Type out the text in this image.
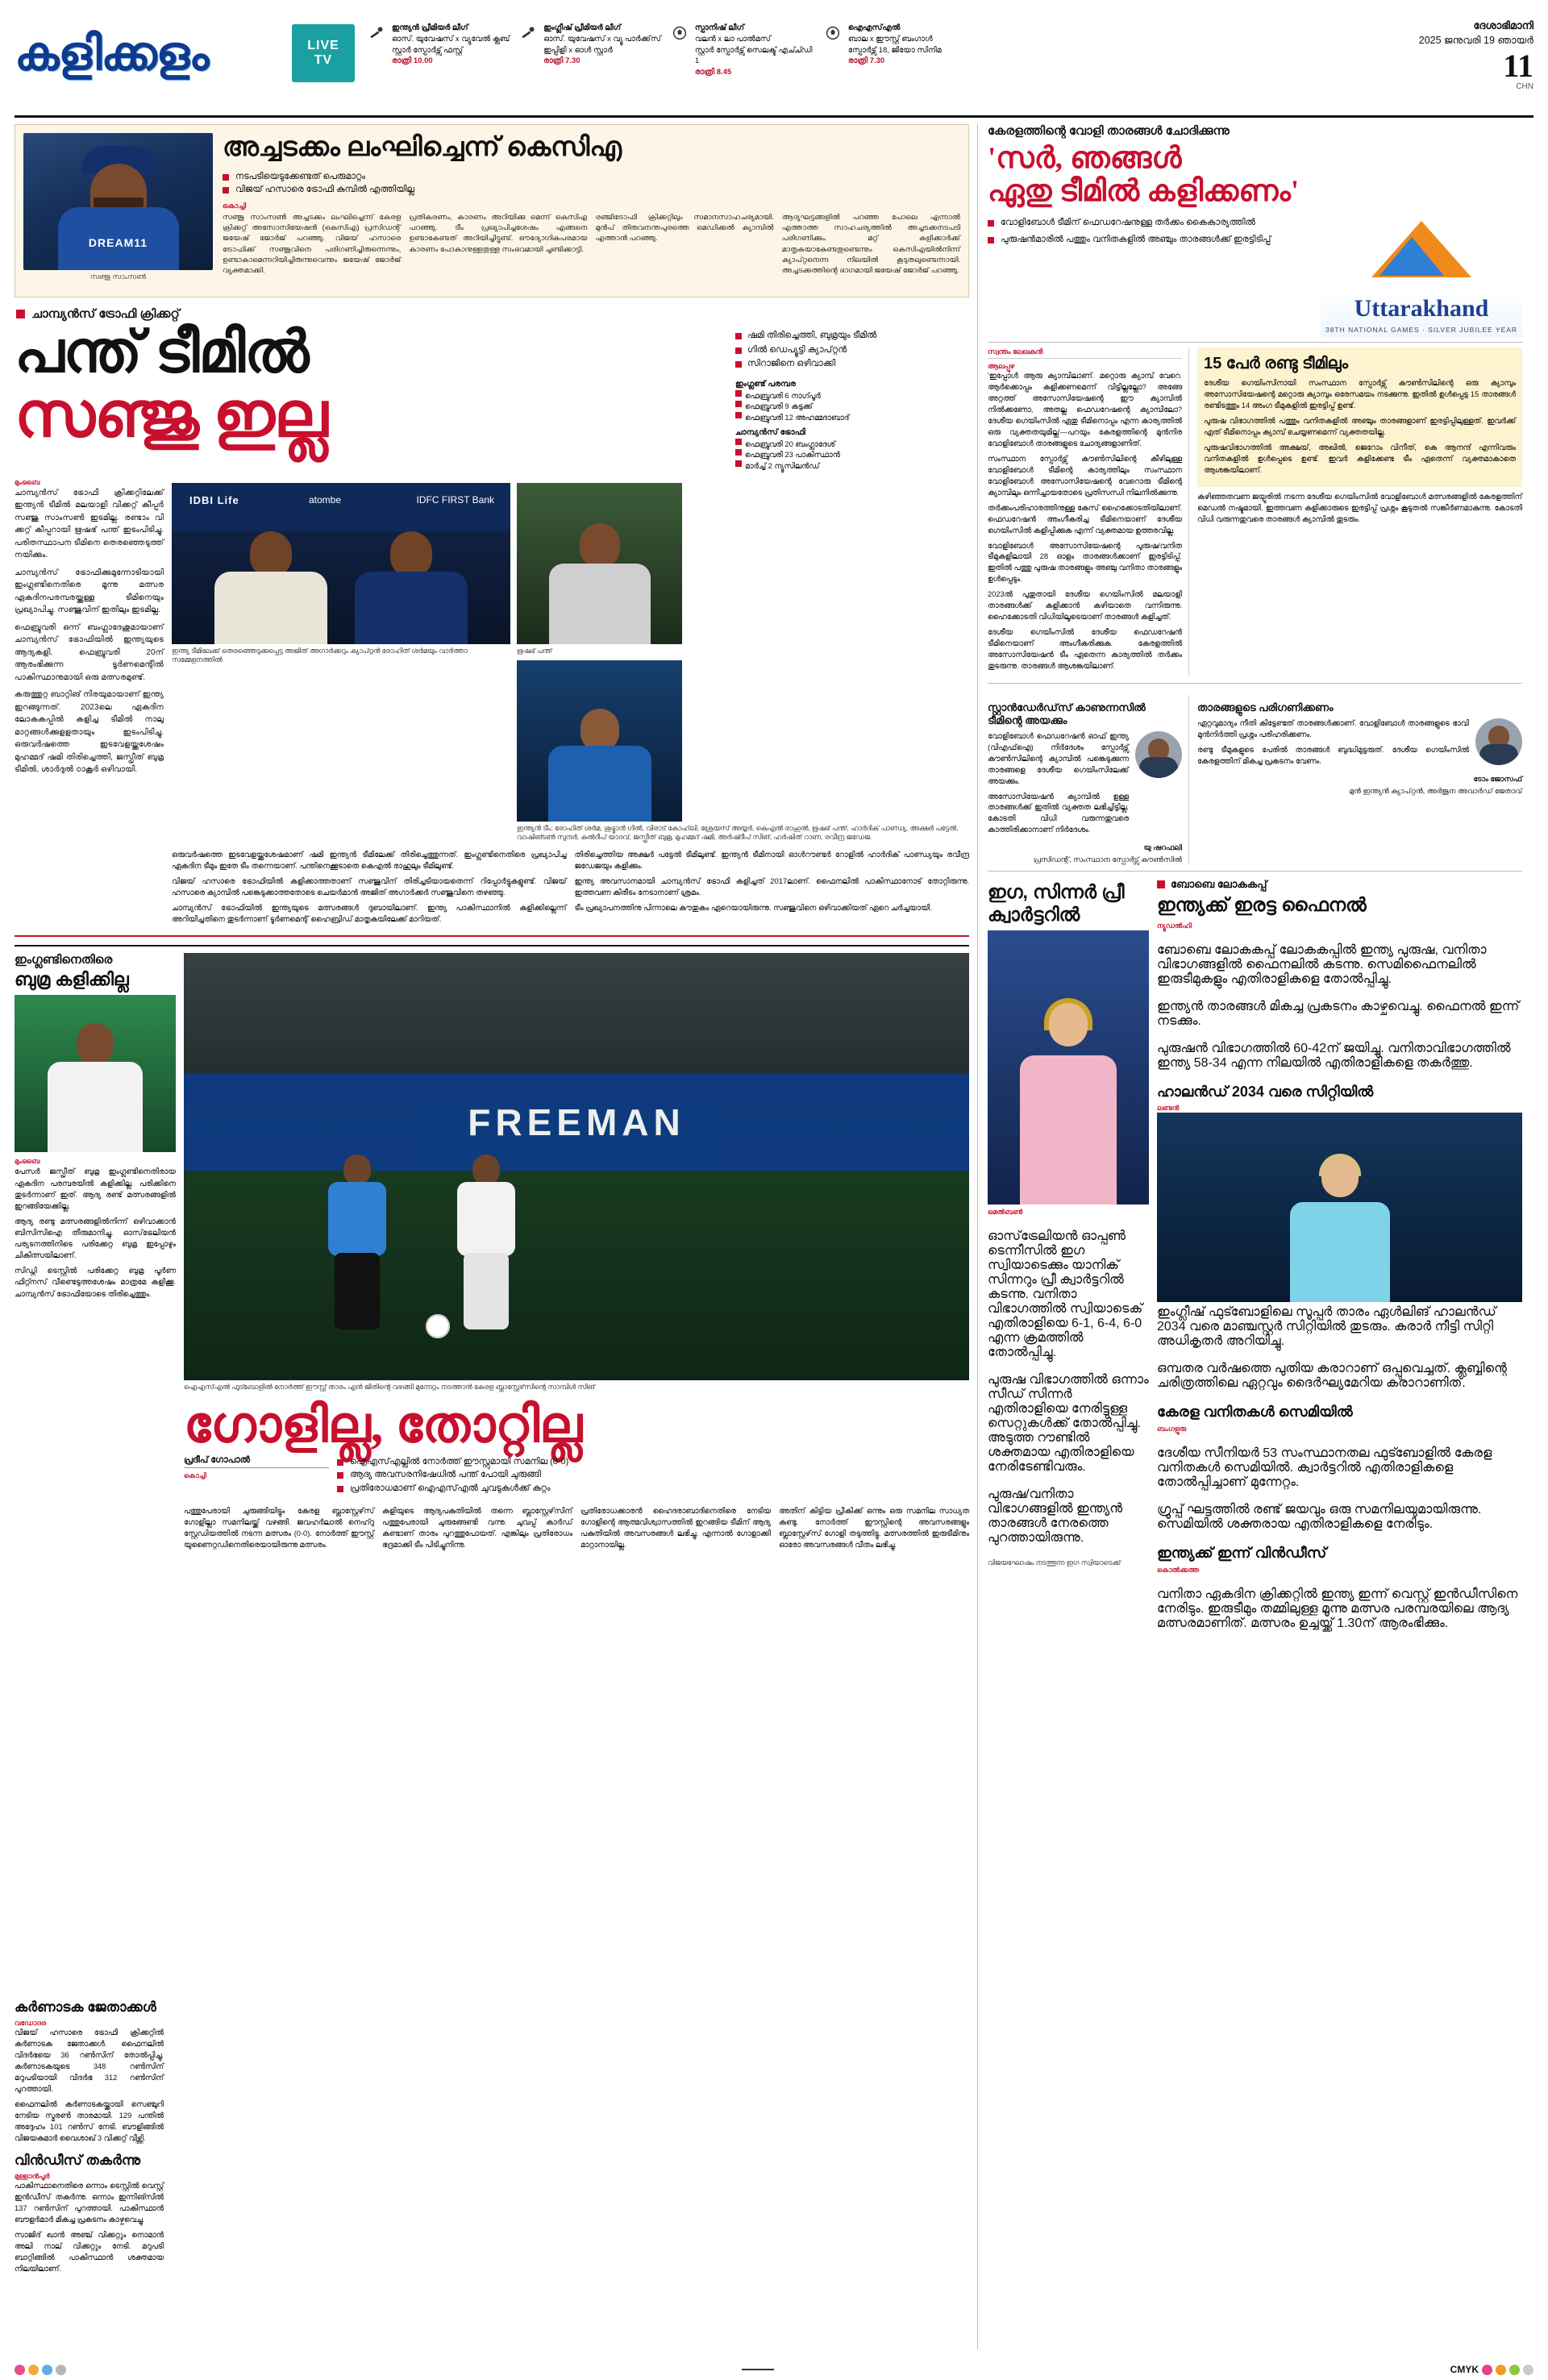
കളിക്കളം	LIVE
TV
ഇന്ത്യൻ പ്രീമിയർ ലീഗ്
ഓസ്. യുവേഷസ് x വ്യുവേൽ ക്ലബ്
സ്റ്റാർ സ്പോർട്സ് ഫസ്റ്റ്
രാത്രി 10.00
ഇംഗ്ലീഷ് പ്രീമിയർ ലീഗ്
ഓസ്. യുവേഷസ് x വ്യൂ പാർക്ക്‌സ്
ഇപ്പിളി x ഓൾ സ്റ്റാർ
രാത്രി 7.30
സ്പാനിഷ് ലീഗ്
വലൻ x ലാ പാൽമസ്
സ്റ്റാർ സ്പോർട്സ് സെലക്ട് എച്ച്ഡി 1
രാത്രി 8.45
ഐഎസ്എൽ
ബാല x ഈസ്റ്റ് ബംഗാൾ
സ്പോർട്സ് 18, ജിയോ സിനിമ
രാത്രി 7.30
ദേശാഭിമാനി
2025 ജനുവരി 19 ഞായർ
11
CHN
DREAM11
സഞ്ജു സാംസൺ
അച്ചടക്കം ലംഘിച്ചെന്ന് കെസിഎ
നടപടിയെടുക്കേണ്ടത് പെരുമാറ്റം
വിജയ് ഹസാരെ ട്രോഫി കുമ്പിൽ എത്തിയില്ല
കൊച്ചി

സഞ്ജു സാംസൺ അച്ചടക്കം ലംഘിച്ചെന്ന് കേരള ക്രിക്കറ്റ് അസോസിയേഷൻ (കെസിഎ) പ്രസിഡന്റ് ജയേഷ് ജോർജ് പറഞ്ഞു. വിജയ് ഹസാരെ ട്രോഫിക്ക് സഞ്ജുവിനെ പരിഗണിച്ചിരുന്നെന്നും, ഉണ്ടാകാമെന്നറിയിച്ചിരുന്നുവെന്നും ജയേഷ് ജോർജ് വ്യക്തമാക്കി.

പ്രതികരണം, കാരണം അറിയിക്കു മെന്ന് കെസിഎ പറഞ്ഞു. ടീം പ്രഖ്യാപിച്ചശേഷം എങ്ങനെ ഉണ്ടാകേണ്ടത് അറിയിച്ചിട്ടുണ്ട്. ഔദ്യോഗികപരമായ കാരണം പോകാനുള്ളതുള്ള സംഭവമായി ചൂണ്ടിക്കാട്ടി.

രഞ്ജിട്രോഫി ക്രിക്കറ്റിലും സമാനസാഹചര്യമായി. മുൻപ് തിരുവനന്തപുരത്തെ മെഡിക്കൽ ക്യാമ്പിൽ എത്താൻ പറഞ്ഞു.

ആദ്യഘട്ടങ്ങളിൽ പറഞ്ഞ പോലെ എന്നാൽ എത്താത്ത സാഹചര്യത്തിൽ അച്ചടക്കനടപടി പരിഗണിക്കും. മറ്റ് കളിക്കാർക്ക് മാതൃകയാകേണ്ടതുണ്ടെന്നും കെസിഎയിൽനിന്ന് ക്യാപ്റ്റനെന്ന നിലയിൽ കൂടുതലുണ്ടെന്നായി. അച്ചടക്കത്തിന്റെ ഭാഗമായി ജയേഷ് ജോർജ് പറഞ്ഞു.

ചാമ്പ്യൻസ് ട്രോഫി ക്രിക്കറ്റ്
പന്ത് ടീമിൽ
സഞ്ജു ഇല്ല
ഷമി തിരിച്ചെത്തി, ബുമ്രയും ടീമിൽ
ഗിൽ ഡെപ്യൂട്ടി ക്യാപ്റ്റൻ
സിറാജിനെ ഒഴിവാക്കി
ഇംഗ്ലണ്ട് പരമ്പര
● ഫെബ്രുവരി 6 നാഗ്പൂർ
● ഫെബ്രുവരി 9 കട്ടക്ക്
● ഫെബ്രുവരി 12 അഹമ്മദാബാദ്
ചാമ്പ്യൻസ് ട്രോഫി
● ഫെബ്രുവരി 20 ബംഗ്ലാദേശ്
● ഫെബ്രുവരി 23 പാകിസ്ഥാൻ
● മാർച്ച് 2 ന്യൂസിലൻഡ്
മുംബൈ

ചാമ്പ്യൻസ് ട്രോഫി ക്രിക്കറ്റിലേക്ക് ഇന്ത്യൻ ടീമിൽ മലയാളി വിക്കറ്റ് കീപ്പർ സഞ്ജു സാംസൺ ഇടമില്ല. രണ്ടാം വി ക്കറ്റ് കീപ്പറായി ഋഷഭ് പന്ത് ഇടംപിടിച്ചു. പരിതസ്ഥാപന ടീമിനെ തെരഞ്ഞെടുത്ത് നയിക്കും.

ചാമ്പ്യൻസ് ട്രോഫിക്കുമുന്നോടിയായി ഇംഗ്ലണ്ടിനെതിരെ മൂന്നു മത്സര ഏകദിനപരമ്പരയ്ക്കുള്ള ടീമിനെയും പ്രഖ്യാപിച്ചു. സഞ്ജുവിന് ഇതിലും ഇടമില്ല.

ഫെബ്രുവരി ഒന്ന് ബംഗ്ലാദേശുമായാണ് ചാമ്പ്യൻസ് ട്രോഫിയിൽ ഇന്ത്യയുടെ ആദ്യകളി. ഫെബ്രുവരി 20ന് ആരംഭിക്കുന്ന ടൂർണമെന്റിൽ പാകിസ്ഥാനുമായി ഒരു മത്സരമുണ്ട്.

കരുത്തുറ്റ ബാറ്റിങ് നിരയുമായാണ് ഇന്ത്യ ഇറങ്ങുന്നത്. 2023ലെ ഏകദിന ലോകകപ്പിൽ കളിച്ച ടീമിൽ നാലു മാറ്റങ്ങൾക്കുളളതായും ഇടംപിടിച്ചു. ഒരുവർഷത്തെ ഇടവേളയ്ക്കുശേഷം മുഹമ്മദ് ഷമി തിരിച്ചെത്തി, ജസ്പ്രീത് ബുമ്ര ടീമിൽ, ശാർദുൽ ഠാകൂർ ഒഴിവായി.

IDBI Life	atombe	IDFC FIRST Bank
ഇന്ത്യ ടീമിലേക്ക് തെരഞ്ഞെടുക്കപ്പെട്ട അജിത് അഗാർക്കറും ക്യാപ്റ്റൻ രോഹിത് ശർമയും വാർത്താ സമ്മേളനത്തിൽ
ഋഷഭ് പന്ത്
ഇന്ത്യൻ ടീം: രോഹിത് ശർമ, ശുഭ്മാൻ ഗിൽ, വിരാട് കോഹ്‌ലി, ശ്രേയസ് അയ്യർ, കെഎൽ രാഹുൽ, ഋഷഭ് പന്ത്, ഹാർദിക് പാണ്ഡ്യ, അക്ഷർ പട്ടേൽ, വാഷിങ്ടൺ സുന്ദർ, കുൽദീപ് യാദവ്, ജസ്പ്രീത് ബുമ്ര, മുഹമ്മദ് ഷമി, അർഷ്ദീപ് സിങ്, ഹർഷിത് റാണ, രവീന്ദ്ര ജഡേജ.

ഒരുവർഷത്തെ ഇടവേളയ്ക്കുശേഷമാണ് ഷമി ഇന്ത്യൻ ടീമിലേക്ക് തിരിച്ചെത്തുന്നത്. ഇംഗ്ലണ്ടിനെതിരെ പ്രഖ്യാപിച്ച ഏകദിന ടീമും ഇതേ ടീം തന്നെയാണ്. പന്തിനെക്കൂടാതെ കെഎൽ രാഹുലും ടീമിലുണ്ട്.

വിജയ് ഹസാരെ ട്രോഫിയിൽ കളിക്കാത്തതാണ് സഞ്ജുവിന് തിരിച്ചടിയായതെന്ന് റിപ്പോർട്ടുകളുണ്ട്. വിജയ് ഹസാരെ ക്യാമ്പിൽ പങ്കെടുക്കാത്തതോടെ ചെയർമാൻ അജിത് അഗാർക്കർ സഞ്ജുവിനെ തഴഞ്ഞു.

ചാമ്പ്യൻസ് ട്രോഫിയിൽ ഇന്ത്യയുടെ മത്സരങ്ങൾ ദുബായിലാണ്. ഇന്ത്യ പാകിസ്ഥാനിൽ കളിക്കില്ലെന്ന് അറിയിച്ചതിനെ തുടർന്നാണ് ടൂർണമെന്റ് ഹൈബ്രിഡ് മാതൃകയിലേക്ക് മാറിയത്.

തിരിച്ചെത്തിയ അക്ഷർ പട്ടേൽ ടീമിലുണ്ട്. ഇന്ത്യൻ ടീമിനായി ഓൾറൗണ്ടർ റോളിൽ ഹാർദിക് പാണ്ഡ്യയും രവീന്ദ്ര ജഡേജയും കളിക്കും.

ഇന്ത്യ അവസാനമായി ചാമ്പ്യൻസ് ട്രോഫി കളിച്ചത് 2017ലാണ്. ഫൈനലിൽ പാകിസ്ഥാനോട് തോറ്റിരുന്നു. ഇത്തവണ കിരീടം നേടാനാണ് ശ്രമം.

ടീം പ്രഖ്യാപനത്തിനു പിന്നാലെ കൗതുകം ഏറെയായിരുന്നു. സഞ്ജുവിനെ ഒഴിവാക്കിയത് ഏറെ ചർച്ചയായി.

ഇംഗ്ലണ്ടിനെതിരെ
ബുമ്ര കളിക്കില്ല
മുംബൈ

പേസർ ജസ്പ്രീത് ബുമ്ര ഇംഗ്ലണ്ടിനെതിരായ ഏകദിന പരമ്പരയിൽ കളിക്കില്ല. പരിക്കിനെ തുടർന്നാണ് ഇത്. ആദ്യ രണ്ട് മത്സരങ്ങളിൽ ഇറങ്ങിയേക്കില്ല.

ആദ്യ രണ്ടു മത്സരങ്ങളിൽനിന്ന് ഒഴിവാക്കാൻ ബിസിസിഐ തീരുമാനിച്ചു. ഓസ്‌ട്രേലിയൻ പര്യടനത്തിനിടെ പരിക്കേറ്റ ബുമ്ര ഇപ്പോഴും ചികിത്സയിലാണ്.

സിഡ്നി ടെസ്റ്റിൽ പരിക്കേറ്റ ബുമ്ര പൂർണ ഫിറ്റ്നസ് വീണ്ടെടുത്തശേഷം മാത്രമേ കളിക്കൂ. ചാമ്പ്യൻസ് ട്രോഫിയോടെ തിരിച്ചെത്തും.

FREEMAN
ഐഎസ്എൽ ഫുട്ബോളിൽ നോർത്ത് ഈസ്റ്റ് താരം എൻ ജിതിന്റെ വഴങ്ങി മുന്നേറ്റം നടത്താൻ കേരള ബ്ലാസ്റ്റേഴ്‌സിന്റെ സാമ്പിൾ സിങ്
ഗോളില്ല, തോറ്റില്ല
പ്രദീപ് ഗോപാൽ
കൊച്ചി
ഐഎസ്എല്ലിൽ നോർത്ത് ഈസ്റ്റുമായി സമനില (0-0)
ആദ്യ അവസരനിഷേധിൽ പന്ത് പോയി ചുരുങ്ങി
പ്രതിരോധമാണ് ഐഎസ്എൽ ചുവടുകൾക്ക് കുറ്റം

പത്തുപേരായി ചുരുങ്ങിയിട്ടും കേരള ബ്ലാസ്റ്റേഴ്‌സ് ഗോളില്ലാ സമനിലയ്ക്ക് വഴങ്ങി. ജവഹർലാൽ നെഹ്റു സ്റ്റേഡിയത്തിൽ നടന്ന മത്സരം (0-0). നോർത്ത് ഈസ്റ്റ് യുണൈറ്റഡിനെതിരെയായിരുന്നു മത്സരം.

കളിയുടെ ആദ്യപകുതിയിൽ തന്നെ ബ്ലാസ്റ്റേഴ്‌സിന് പത്തുപേരായി ചുരുങ്ങേണ്ടി വന്നു. ചുവപ്പ് കാർഡ് കണ്ടാണ് താരം പുറത്തുപോയത്. എങ്കിലും പ്രതിരോധം ഭദ്രമാക്കി ടീം പിടിച്ചുനിന്നു.

പ്രതിരോധക്കാരൻ ഹൈദരാബാദിനെതിരെ നേടിയ ഗോളിന്റെ ആത്മവിശ്വാസത്തിൽ ഇറങ്ങിയ ടീമിന് ആദ്യ പകുതിയിൽ അവസരങ്ങൾ ലഭിച്ചു. എന്നാൽ ഗോളാക്കി മാറ്റാനായില്ല.

അതിന് കിട്ടിയ പ്രീകിക്ക് ഒന്നും ഒരു സമനില സാധ്യത കണ്ടു. നോർത്ത് ഈസ്റ്റിന്റെ അവസരങ്ങളും ബ്ലാസ്റ്റേഴ്‌സ് ഗോളി തടുത്തിട്ടു. മത്സരത്തിൽ ഇരുടീമിനും ഓരോ അവസരങ്ങൾ വീതം ലഭിച്ചു.

കർണാടക ജേതാക്കൾ
വഡോദര

വിജയ് ഹസാരെ ട്രോഫി ക്രിക്കറ്റിൽ കർണാടക ജേതാക്കൾ. ഫൈനലിൽ വിദർഭയെ 36 റൺസിന് തോൽപ്പിച്ചു. കർണാടകയുടെ 348 റൺസിന് മറുപടിയായി വിദർഭ 312 റൺസിന് പുറത്തായി.

ഫൈനലിൽ കർണാടകയ്ക്കായി സെഞ്ചുറി നേടിയ സ്മരൺ താരമായി. 129 പന്തിൽ അദ്ദേഹം 101 റൺസ് നേടി. ബൗളിങ്ങിൽ വിജയകുമാർ വൈശാഖ് 3 വിക്കറ്റ് വീഴ്ത്തി.

വിൻഡീസ് തകർന്നു
മുള്ളാൻപൂർ

പാകിസ്ഥാനെതിരെ ഒന്നാം ടെസ്റ്റിൽ വെസ്റ്റ് ഇൻഡീസ് തകർന്നു. ഒന്നാം ഇന്നിങ്സിൽ 137 റൺസിന് പുറത്തായി. പാകിസ്ഥാൻ ബൗളർമാർ മികച്ച പ്രകടനം കാഴ്ചവെച്ചു.

സാജിദ് ഖാൻ അഞ്ച് വിക്കറ്റും നൊമാൻ അലി നാല് വിക്കറ്റും നേടി. മറുപടി ബാറ്റിങ്ങിൽ പാകിസ്ഥാൻ ശക്തമായ നിലയിലാണ്.

കേരളത്തിന്റെ വോളി താരങ്ങൾ ചോദിക്കുന്നു
'സർ, ഞങ്ങൾ
ഏതു ടീമിൽ കളിക്കണം'
വോളിബോൾ ടീമിന് ഫെഡറേഷനുള്ള തർക്കം കൈകാര്യത്തിൽ
പുരുഷൻമാരിൽ പത്തും വനിതകളിൽ അഞ്ചും താരങ്ങൾക്ക് ഇരട്ടിടിപ്പ്
Uttarakhand
38TH NATIONAL GAMES · SILVER JUBILEE YEAR
സ്വന്തം ലേഖകൻ
ആലപ്പുഴ

'ഇപ്പോൾ ആരു ക്യാമ്പിലാണ്. മറ്റൊരു ക്യാമ്പ് വേറെ. ആർക്കൊപ്പം കളിക്കണമെന്ന് വിട്ടില്ലല്ലോ? അങ്ങേ അറ്റത്ത് അസോസിയേഷന്റെ ഈ ക്യാമ്പിൽ നിൽക്കണോ, അതല്ല ഫെഡറേഷന്റെ ക്യാമ്പിലോ? ദേശീയ ഗെയിംസിൽ ഏതു ടീമിനൊപ്പം എന്ന കാര്യത്തിൽ ഒരു വ്യക്തതയുമില്ല'—പറയും കേരളത്തിന്റെ മുൻനിര വോളിബോൾ താരങ്ങളുടെ ചോദ്യങ്ങളാണിത്.

സംസ്ഥാന സ്പോർട്സ് കൗൺസിലിന്റെ കീഴിലുള്ള വോളിബോൾ ടീമിന്റെ കാര്യത്തിലും സംസ്ഥാന വോളിബോൾ അസോസിയേഷന്റെ വേറൊരു ടീമിന്റെ ക്യാമ്പിലും ഒന്നിച്ചായതോടെ പ്രതിസന്ധി നിലനിൽക്കുന്നു.

തർക്കംപരിഹാരത്തിനുള്ള കേസ് ഹൈക്കോടതിയിലാണ്. ഫെഡറേഷൻ അംഗീകരിച്ച ടീമിനെയാണ് ദേശീയ ഗെയിംസിൽ കളിപ്പിക്കുക എന്ന് വ്യക്തമായ ഉത്തരവില്ല.

വോളിബോൾ അസോസിയേഷന്റെ പുരുഷ/വനിത ടീമുകളിലായി 28 ഓളം താരങ്ങൾക്കാണ് ഇരട്ടിടിപ്പ്. ഇതിൽ പത്തു പുരുഷ താരങ്ങളും അഞ്ചു വനിതാ താരങ്ങളും ഉൾപ്പെടും.

2023ൽ പുതുതായി ദേശീയ ഗെയിംസിൽ മലയാളി താരങ്ങൾക്ക് കളിക്കാൻ കഴിയാതെ വന്നിരുന്നു. ഹൈക്കോടതി വിധിയിലൂടെയാണ് താരങ്ങൾ കളിച്ചത്.

ദേശീയ ഗെയിംസിൽ ദേശീയ ഫെഡറേഷൻ ടീമിനെയാണ് അംഗീകരിക്കുക. കേരളത്തിൽ അസോസിയേഷൻ ടീം ഏതെന്ന കാര്യത്തിൽ തർക്കം തുടരുന്നു. താരങ്ങൾ ആശങ്കയിലാണ്.

15 പേർ രണ്ടു ടീമിലും

ദേശീയ ഗെയിംസിനായി സംസ്ഥാന സ്പോർട്സ് കൗൺസിലിന്റെ ഒരു ക്യാമ്പും അസോസിയേഷന്റെ മറ്റൊരു ക്യാമ്പും ഒരേസമയം നടക്കുന്നു. ഇതിൽ ഉൾപ്പെട്ട 15 താരങ്ങൾ രണ്ടിടത്തും 14 അംഗ ടീമുകളിൽ ഇരട്ടിപ്പ് ഉണ്ട്.

പുരുഷ വിഭാഗത്തിൽ പത്തും വനിതകളിൽ അഞ്ചും താരങ്ങളാണ് ഇരട്ടിപ്പിലുള്ളത്. ഇവർക്ക് ഏത് ടീമിനൊപ്പം ക്യാമ്പ് ചെയ്യണമെന്ന് വ്യക്തതയില്ല.

പുരുഷവിഭാഗത്തിൽ അക്ഷയ്, അഖിൽ, ജെറോം വിനീത്, കെ ആനന്ദ് എന്നിവരും വനിതകളിൽ ഉൾപ്പെടെ ഉണ്ട്. ഇവർ കളിക്കേണ്ട ടീം ഏതെന്ന് വ്യക്തമാകാതെ ആശങ്കയിലാണ്.

കഴിഞ്ഞതവണ ജയ്പൂരിൽ നടന്ന ദേശീയ ഗെയിംസിൽ വോളിബോൾ മത്സരങ്ങളിൽ കേരളത്തിന് മെഡൽ നഷ്ടമായി. ഇത്തവണ കളിക്കാരുടെ ഇരട്ടിപ്പ് പ്രശ്നം കൂടുതൽ സങ്കീർണമാകുന്നു. കോടതി വിധി വരുന്നതുവരെ താരങ്ങൾ ക്യാമ്പിൽ തുടരും.

സ്റ്റാൻഡേർഡ്‌സ് കാണുന്നസിൽ ടീമിന്റെ അയക്കും

വോളിബോൾ ഫെഡറേഷൻ ഓഫ് ഇന്ത്യ (വിഎഫ്ഐ) നിർദേശം സ്പോർട്സ് കൗൺസിലിന്റെ ക്യാമ്പിൽ പങ്കെടുക്കുന്ന താരങ്ങളെ ദേശീയ ഗെയിംസിലേക്ക് അയക്കും.

അസോസിയേഷൻ ക്യാമ്പിൽ ഉള്ള താരങ്ങൾക്ക് ഇതിൽ വ്യക്തത ലഭിച്ചിട്ടില്ല. കോടതി വിധി വരുന്നതുവരെ കാത്തിരിക്കാനാണ് നിർദേശം.

യു ഷറഫലി
പ്രസിഡന്റ്, സംസ്ഥാന സ്പോർട്സ് കൗൺസിൽ
താരങ്ങളുടെ പരിഗണിക്കണം

ഏറ്റവുമാദ്യം നീതി കിട്ടേണ്ടത് താരങ്ങൾക്കാണ്. വോളിബോൾ താരങ്ങളുടെ ഭാവി മുൻനിർത്തി പ്രശ്നം പരിഹരിക്കണം.

രണ്ടു ടീമുകളുടെ പേരിൽ താരങ്ങൾ ബുദ്ധിമുട്ടരുത്. ദേശീയ ഗെയിംസിൽ കേരളത്തിന് മികച്ച പ്രകടനം വേണം.

ടോം ജോസഫ്
മുൻ ഇന്ത്യൻ ക്യാപ്റ്റൻ, അർജുന അവാർഡ് ജേതാവ്
ഇഗ, സിന്നർ പ്രീ ക്വാർട്ടറിൽ
മെൽബൺ

ഓസ്‌ട്രേലിയൻ ഓപ്പൺ ടെന്നീസിൽ ഇഗ സ്വിയാടെക്കും യാനിക് സിന്നറും പ്രീ ക്വാർട്ടറിൽ കടന്നു. വനിതാ വിഭാഗത്തിൽ സ്വിയാടെക് എതിരാളിയെ 6-1, 6-4, 6-0 എന്ന ക്രമത്തിൽ തോൽപ്പിച്ചു.

പുരുഷ വിഭാഗത്തിൽ ഒന്നാം സീഡ് സിന്നർ എതിരാളിയെ നേരിട്ടുള്ള സെറ്റുകൾക്ക് തോൽപ്പിച്ചു. അടുത്ത റൗണ്ടിൽ ശക്തമായ എതിരാളിയെ നേരിടേണ്ടിവരും.

പുരുഷ/വനിതാ വിഭാഗങ്ങളിൽ ഇന്ത്യൻ താരങ്ങൾ നേരത്തെ പുറത്തായിരുന്നു.

വിജയഘോഷം നടത്തുന്ന ഇഗ സ്വിയാടെക്ക്
ബോബെ ലോകകപ്പ്
ഇന്ത്യക്ക് ഇരട്ട ഫൈനൽ
ന്യൂഡൽഹി

ബോബെ ലോകകപ്പ് ലോകകപ്പിൽ ഇന്ത്യ പുരുഷ, വനിതാ വിഭാഗങ്ങളിൽ ഫൈനലിൽ കടന്നു. സെമിഫൈനലിൽ ഇരുടീമുകളും എതിരാളികളെ തോൽപ്പിച്ചു.

ഇന്ത്യൻ താരങ്ങൾ മികച്ച പ്രകടനം കാഴ്ചവെച്ചു. ഫൈനൽ ഇന്ന് നടക്കും.

പുരുഷൻ വിഭാഗത്തിൽ 60-42ന് ജയിച്ചു. വനിതാവിഭാഗത്തിൽ ഇന്ത്യ 58-34 എന്ന നിലയിൽ എതിരാളികളെ തകർത്തു.

ഹാലൻഡ് 2034 വരെ സിറ്റിയിൽ
ലണ്ടൻ

ഇംഗ്ലീഷ് ഫുട്ബോളിലെ സൂപ്പർ താരം ഏൾലിങ് ഹാലൻഡ് 2034 വരെ മാഞ്ചസ്റ്റർ സിറ്റിയിൽ തുടരും. കരാർ നീട്ടി സിറ്റി അധികൃതർ അറിയിച്ചു.

ഒമ്പതര വർഷത്തെ പുതിയ കരാറാണ് ഒപ്പുവെച്ചത്. ക്ലബ്ബിന്റെ ചരിത്രത്തിലെ ഏറ്റവും ദൈർഘ്യമേറിയ കരാറാണിത്.

കേരള വനിതകൾ സെമിയിൽ
ബംഗളൂരു

ദേശീയ സീനിയർ 53 സംസ്ഥാനതല ഫുട്ബോളിൽ കേരള വനിതകൾ സെമിയിൽ. ക്വാർട്ടറിൽ എതിരാളികളെ തോൽപ്പിച്ചാണ് മുന്നേറ്റം.

ഗ്രൂപ്പ് ഘട്ടത്തിൽ രണ്ട് ജയവും ഒരു സമനിലയുമായിരുന്നു. സെമിയിൽ ശക്തരായ എതിരാളികളെ നേരിടും.

ഇന്ത്യക്ക് ഇന്ന് വിൻഡീസ്
കൊൽക്കത്ത

വനിതാ ഏകദിന ക്രിക്കറ്റിൽ ഇന്ത്യ ഇന്ന് വെസ്റ്റ് ഇൻഡീസിനെ നേരിടും. ഇരുടീമും തമ്മിലുള്ള മൂന്നു മത്സര പരമ്പരയിലെ ആദ്യ മത്സരമാണിത്. മത്സരം ഉച്ചയ്ക്ക് 1.30ന് ആരംഭിക്കും.

CMYK
